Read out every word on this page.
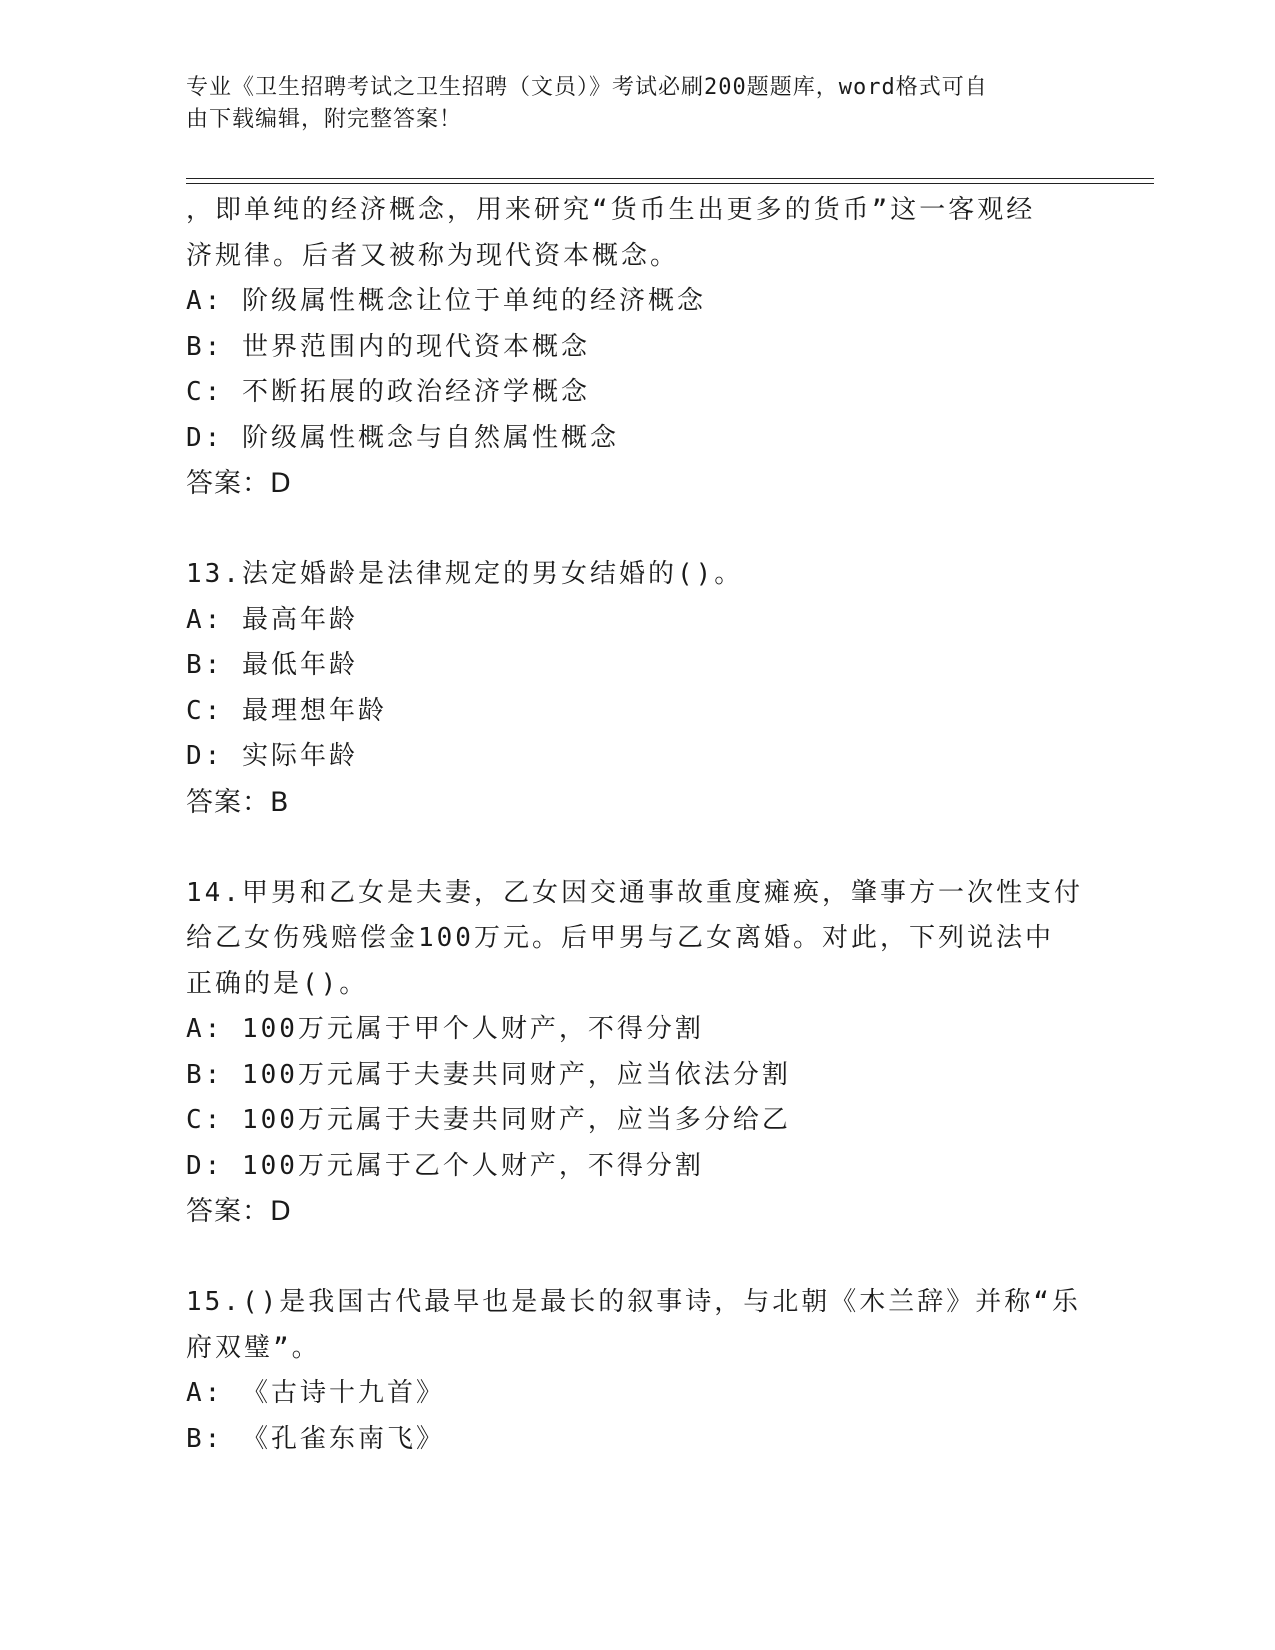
专业《卫生招聘考试之卫生招聘（文员）》考试必刷200题题库，word格式可自
由下载编辑，附完整答案！
，即单纯的经济概念，用来研究“货币生出更多的货币”这一客观经
济规律。后者又被称为现代资本概念。
A: 阶级属性概念让位于单纯的经济概念
B: 世界范围内的现代资本概念
C: 不断拓展的政治经济学概念
D: 阶级属性概念与自然属性概念
答案：D
13.法定婚龄是法律规定的男女结婚的()。
A: 最高年龄
B: 最低年龄
C: 最理想年龄
D: 实际年龄
答案：B
14.甲男和乙女是夫妻，乙女因交通事故重度瘫痪，肇事方一次性支付
给乙女伤残赔偿金100万元。后甲男与乙女离婚。对此，下列说法中
正确的是()。
A: 100万元属于甲个人财产，不得分割
B: 100万元属于夫妻共同财产，应当依法分割
C: 100万元属于夫妻共同财产，应当多分给乙
D: 100万元属于乙个人财产，不得分割
答案：D
15.()是我国古代最早也是最长的叙事诗，与北朝《木兰辞》并称“乐
府双璧”。
A: 《古诗十九首》
B: 《孔雀东南飞》
